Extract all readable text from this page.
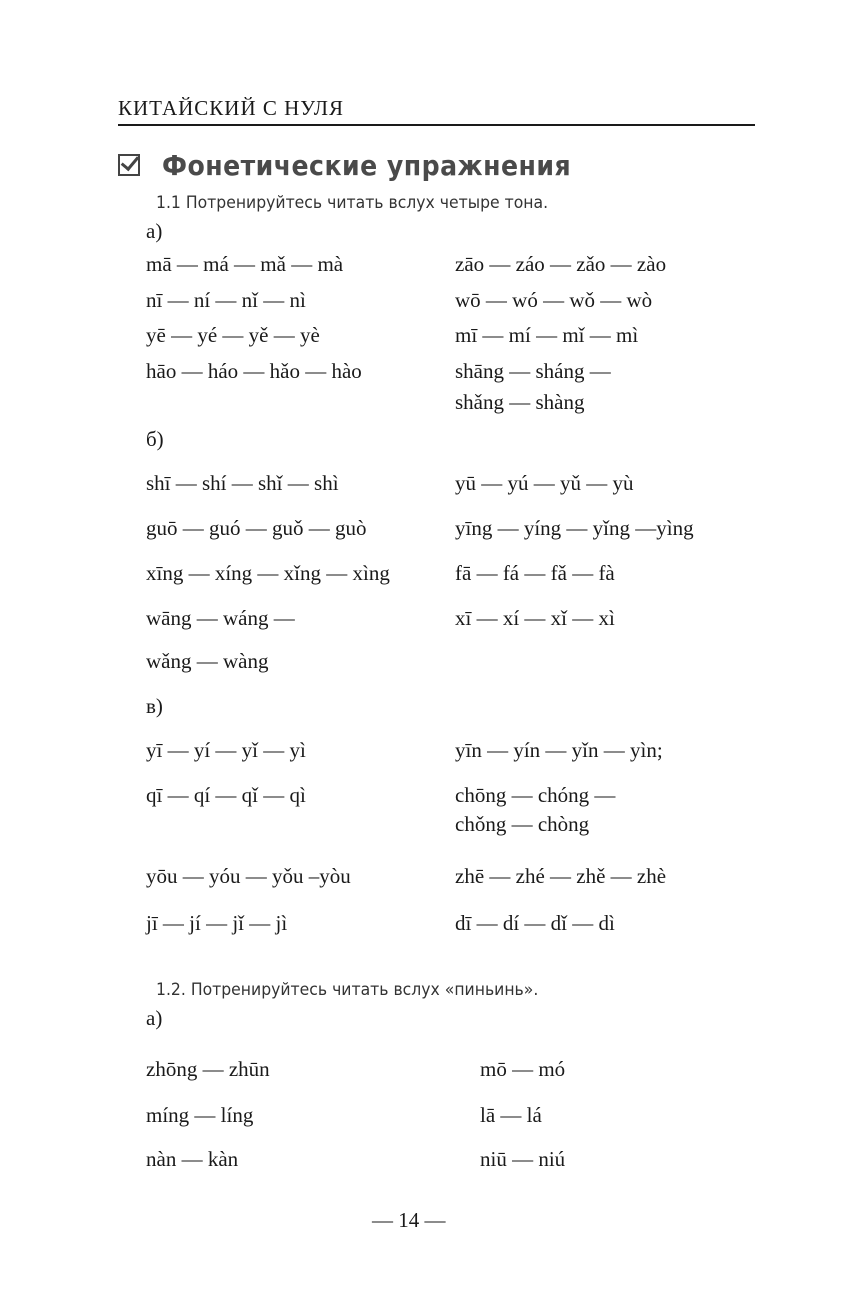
КИТАЙСКИЙ С НУЛЯ
Фонетические упражнения
1.1 Потренируйтесь читать вслух четыре тона.
а)
mā — má — mǎ — mà
nī — ní — nǐ — nì
yē — yé — yě — yè
hāo — háo — hǎo — hào
zāo — záo — zǎo — zào
wō — wó — wǒ — wò
mī — mí — mǐ — mì
shāng — sháng —
shǎng — shàng
б)
shī — shí — shǐ — shì
guō — guó — guǒ — guò
xīng — xíng — xǐng — xìng
wāng — wáng —
wǎng — wàng
yū — yú — yǔ — yù
yīng — yíng — yǐng —yìng
fā — fá — fǎ — fà
xī — xí — xǐ — xì
в)
yī — yí — yǐ — yì
qī — qí — qǐ — qì
yōu — yóu — yǒu –yòu
jī — jí — jǐ — jì
yīn — yín — yǐn — yìn;
chōng — chóng —
chǒng — chòng
zhē — zhé — zhě — zhè
dī — dí — dǐ — dì
1.2. Потренируйтесь читать вслух «пиньинь».
а)
zhōng — zhūn
míng — líng
nàn — kàn
mō — mó
lā — lá
niū — niú
— 14 —
